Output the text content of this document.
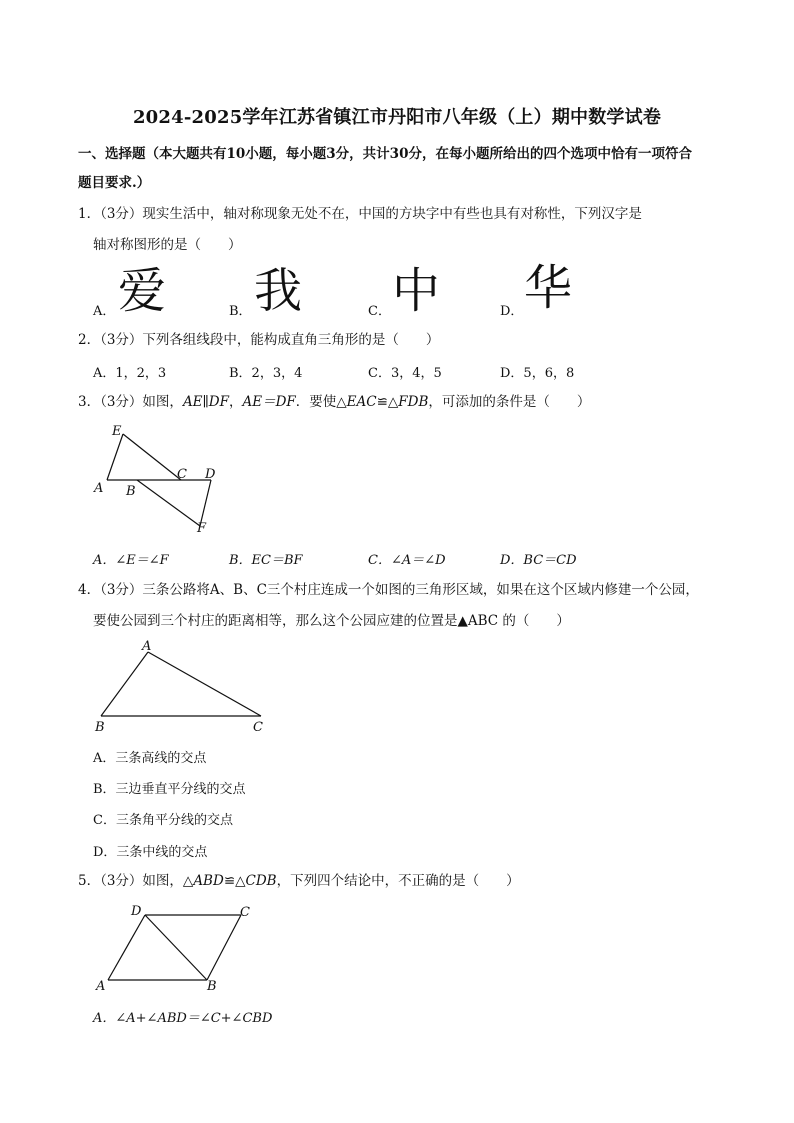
2024-2025学年江苏省镇江市丹阳市八年级（上）期中数学试卷
一、选择题（本大题共有10小题，每小题3分，共计30分，在每小题所给出的四个选项中恰有一项符合
题目要求.）
1．（3分）现实生活中，轴对称现象无处不在，中国的方块字中有些也具有对称性，下列汉字是
轴对称图形的是（　　）
A． 爱	B． 我	C． 中	D． 华
2．（3分）下列各组线段中，能构成直角三角形的是（　　）
A．1，2，3	B．2，3，4	C．3，4，5	D．5，6，8
3．（3分）如图，AE∥DF，AE＝DF．要使△EAC≌△FDB，可添加的条件是（　　）
E
C D
A B
F
A．∠E＝∠F	B．EC＝BF	C．∠A＝∠D	D．BC＝CD
4．（3分）三条公路将A、B、C三个村庄连成一个如图的三角形区域，如果在这个区域内修建一个公园，
要使公园到三个村庄的距离相等，那么这个公园应建的位置是▲ABC 的（　　）
A
B	C
A．三条高线的交点
B．三边垂直平分线的交点
C．三条角平分线的交点
D．三条中线的交点
5．（3分）如图，△ABD≌△CDB，下列四个结论中，不正确的是（　　）
D	C
A	B
A．∠A+∠ABD＝∠C+∠CBD
